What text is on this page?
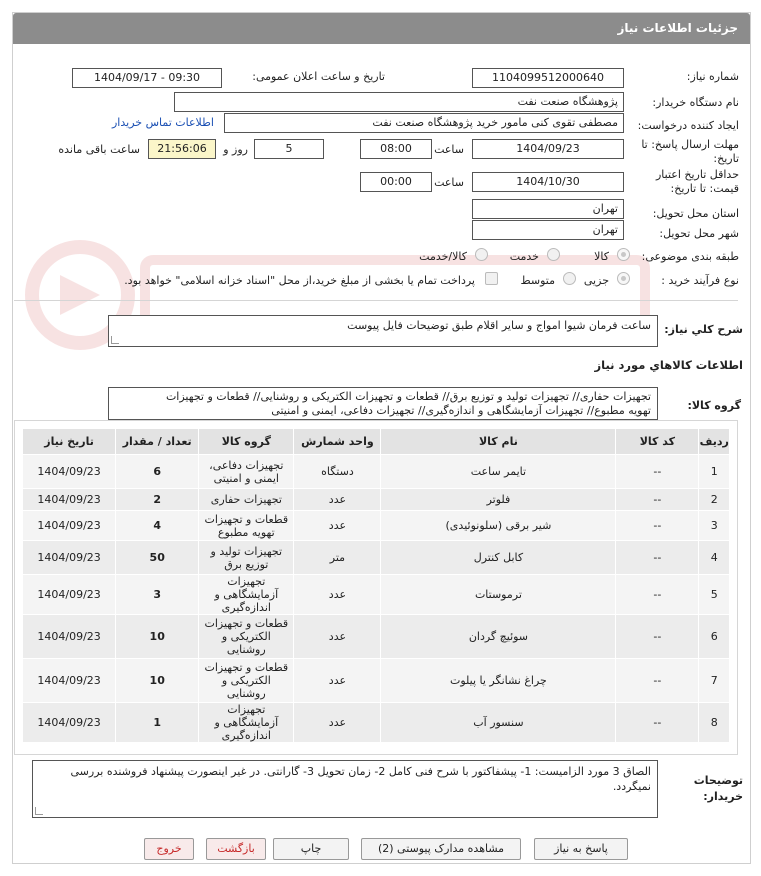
جزئیات اطلاعات نیاز
شماره نیاز:
1104099512000640
تاریخ و ساعت اعلان عمومی:
1404/09/17 - 09:30
نام دستگاه خریدار:
پژوهشگاه صنعت نفت
ایجاد کننده درخواست:
مصطفی تقوی کنی مامور خرید پژوهشگاه صنعت نفت
اطلاعات تماس خریدار
مهلت ارسال پاسخ: تا
تاریخ:
1404/09/23
ساعت
08:00
5
روز و
21:56:06
ساعت باقی مانده
حداقل تاریخ اعتبار
قیمت: تا تاریخ:
1404/10/30
ساعت
00:00
استان محل تحویل:
تهران
شهر محل تحویل:
تهران
طبقه بندی موضوعی:
کالا
خدمت
کالا/خدمت
نوع فرآیند خرید :
جزیی
متوسط
پرداخت تمام یا بخشی از مبلغ خرید،از محل "اسناد خزانه اسلامی" خواهد بود.
شرح کلي نياز:
ساعت فرمان شیوا امواج و سایر اقلام طبق توضیحات فایل پیوست
اطلاعات کالاهاي مورد نياز
گروه کالا:
تجهیزات حفاری// تجهیزات تولید و توزیع برق// قطعات و تجهیزات الکتریکی و روشنایی// قطعات و تجهیزات
تهویه مطبوع// تجهیزات آزمایشگاهی و اندازه‌گیری// تجهیزات دفاعی، ایمنی و امنیتی
ردیف	کد کالا	نام کالا	واحد شمارش	گروه کالا	تعداد / مقدار	تاریخ نیاز
1	--	تایمر ساعت	دستگاه	تجهیزات دفاعی، ایمنی و امنیتی	6	1404/09/23
2	--	فلوتر	عدد	تجهیزات حفاری	2	1404/09/23
3	--	شیر برقی (سلونوئیدی)	عدد	قطعات و تجهیزات تهویه مطبوع	4	1404/09/23
4	--	کابل کنترل	متر	تجهیزات تولید و توزیع برق	50	1404/09/23
5	--	ترموستات	عدد	تجهیزات آزمایشگاهی و اندازه‌گیری	3	1404/09/23
6	--	سوئیچ گردان	عدد	قطعات و تجهیزات الکتریکی و روشنایی	10	1404/09/23
7	--	چراغ نشانگر یا پیلوت	عدد	قطعات و تجهیزات الکتریکی و روشنایی	10	1404/09/23
8	--	سنسور آب	عدد	تجهیزات آزمایشگاهی و اندازه‌گیری	1	1404/09/23
توضیحات
خریدار:
الصاق 3 مورد الزامیست: 1- پیشفاکتور با شرح فنی کامل 2- زمان تحویل 3- گارانتی. در غیر اینصورت پیشنهاد فروشنده بررسی نمیگردد.
پاسخ به نیاز
مشاهده مدارک پیوستی (2)
چاپ
بازگشت
خروج
